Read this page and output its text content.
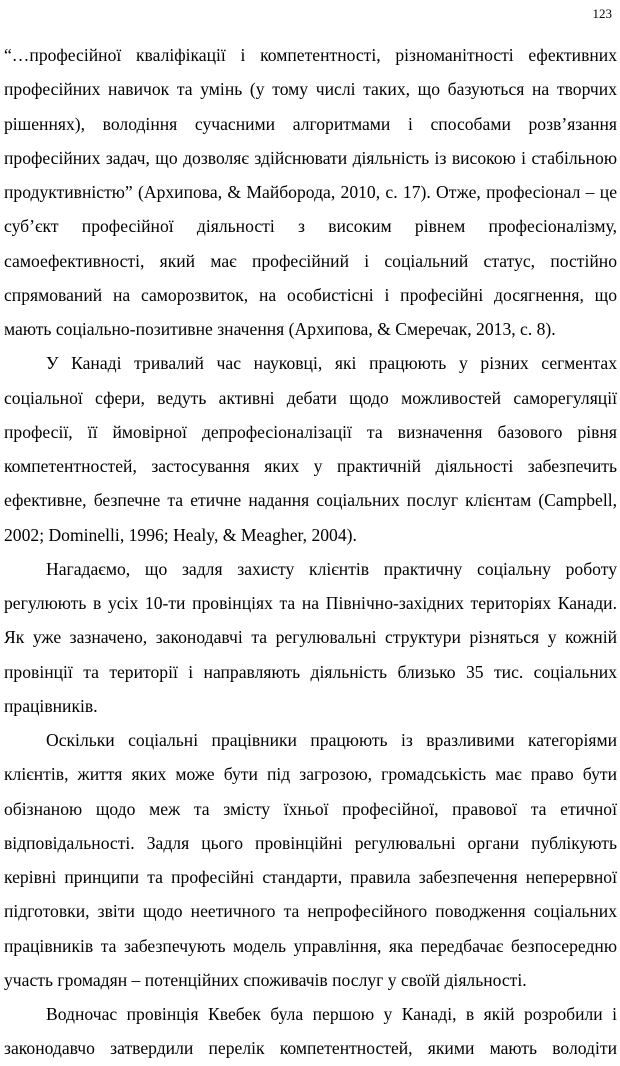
123

“…професійної кваліфікації і компетентності, різноманітності ефективних професійних навичок та умінь (у тому числі таких, що базуються на творчих рішеннях), володіння сучасними алгоритмами і способами розв’язання професійних задач, що дозволяє здійснювати діяльність із високою і стабільною продуктивністю” (Архипова, & Майборода, 2010, с. 17). Отже, професіонал – це суб’єкт професійної діяльності з високим рівнем професіоналізму, самоефективності, який має професійний і соціальний статус, постійно спрямований на саморозвиток, на особистісні і професійні досягнення, що мають соціально-позитивне значення (Архипова, & Смеречак, 2013, с. 8).

У Канаді тривалий час науковці, які працюють у різних сегментах соціальної сфери, ведуть активні дебати щодо можливостей саморегуляції професії, її ймовірної депрофесіоналізації та визначення базового рівня компетентностей, застосування яких у практичній діяльності забезпечить ефективне, безпечне та етичне надання соціальних послуг клієнтам (Campbell, 2002; Dominelli, 1996; Healy, & Meagher, 2004).

Нагадаємо, що задля захисту клієнтів практичну соціальну роботу регулюють в усіх 10-ти провінціях та на Північно-західних територіях Канади. Як уже зазначено, законодавчі та регулювальні структури різняться у кожній провінції та території і направляють діяльність близько 35 тис. соціальних працівників.

Оскільки соціальні працівники працюють із вразливими категоріями клієнтів, життя яких може бути під загрозою, громадськість має право бути обізнаною щодо меж та змісту їхньої професійної, правової та етичної відповідальності. Задля цього провінційні регулювальні органи публікують керівні принципи та професійні стандарти, правила забезпечення неперервної підготовки, звіти щодо неетичного та непрофесійного поводження соціальних працівників та забезпечують модель управління, яка передбачає безпосередню участь громадян – потенційних споживачів послуг у своїй діяльності.

Водночас провінція Квебек була першою у Канаді, в якій розробили і законодавчо затвердили перелік компетентностей, якими мають володіти
